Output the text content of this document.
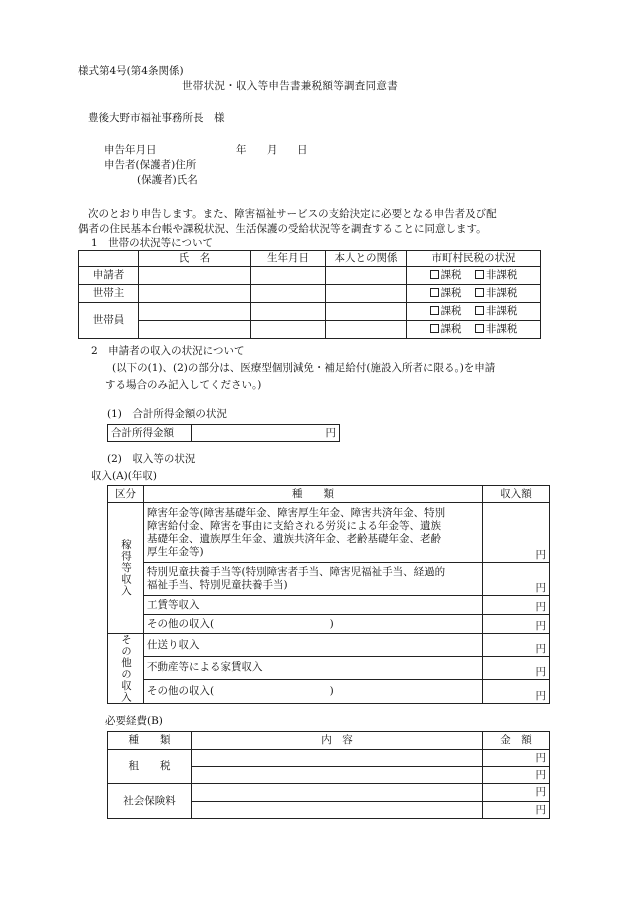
様式第4号(第4条関係)
世帯状況・収入等申告書兼税額等調査同意書
豊後大野市福祉事務所長　様
申告年月日	年 月 日
申告者(保護者)住所
(保護者)氏名
次のとおり申告します。また、障害福祉サービスの支給決定に必要となる申告者及び配
偶者の住民基本台帳や課税状況、生活保護の受給状況等を調査することに同意します。
1　世帯の状況等について
	氏　名	生年月日	本人との関係	市町村民税の状況
申請者				課税 非課税
世帯主				課税 非課税
世帯員				課税 非課税
				課税 非課税
2　申請者の収入の状況について
(以下の(1)、(2)の部分は、医療型個別減免・補足給付(施設入所者に限る。)を申請
する場合のみ記入してください。)
(1)　合計所得金額の状況
合計所得金額	円
(2)　収入等の状況
収入(A)(年収)
区分	種　　類	収入額

稼得等収入	障害年金等(障害基礎年金、障害厚生年金、障害共済年金、特別
障害給付金、障害を事由に支給される労災による年金等、遺族
基礎年金、遺族厚生年金、遺族共済年金、老齢基礎年金、老齢
厚生年金等)	円

	特別児童扶養手当等(特別障害者手当、障害児福祉手当、経過的
福祉手当、特別児童扶養手当)	円
	工賃等収入	円
	その他の収入(　　　　　　　　　　　)	円

その他の収入	仕送り収入	円
	不動産等による家賃収入	円
	その他の収入(　　　　　　　　　　　)	円
必要経費(B)
種　　類	内　容	金　額
租　　税		円
		円
社会保険料		円
		円
